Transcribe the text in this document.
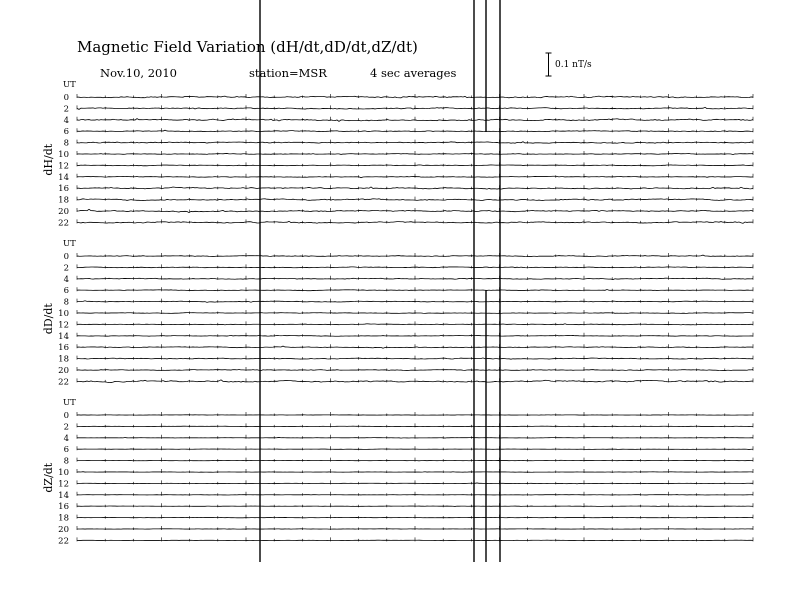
Magnetic Field Variation (dH/dt,dD/dt,dZ/dt)
Nov.10, 2010	station=MSR	4 sec averages
0.1 nT/s
UT
dH/dt
0
2
4
6
8
10
12
14
16
18
20
22
UT
dD/dt
0
2
4
6
8
10
12
14
16
18
20
22
UT
dZ/dt
0
2
4
6
8
10
12
14
16
18
20
22
